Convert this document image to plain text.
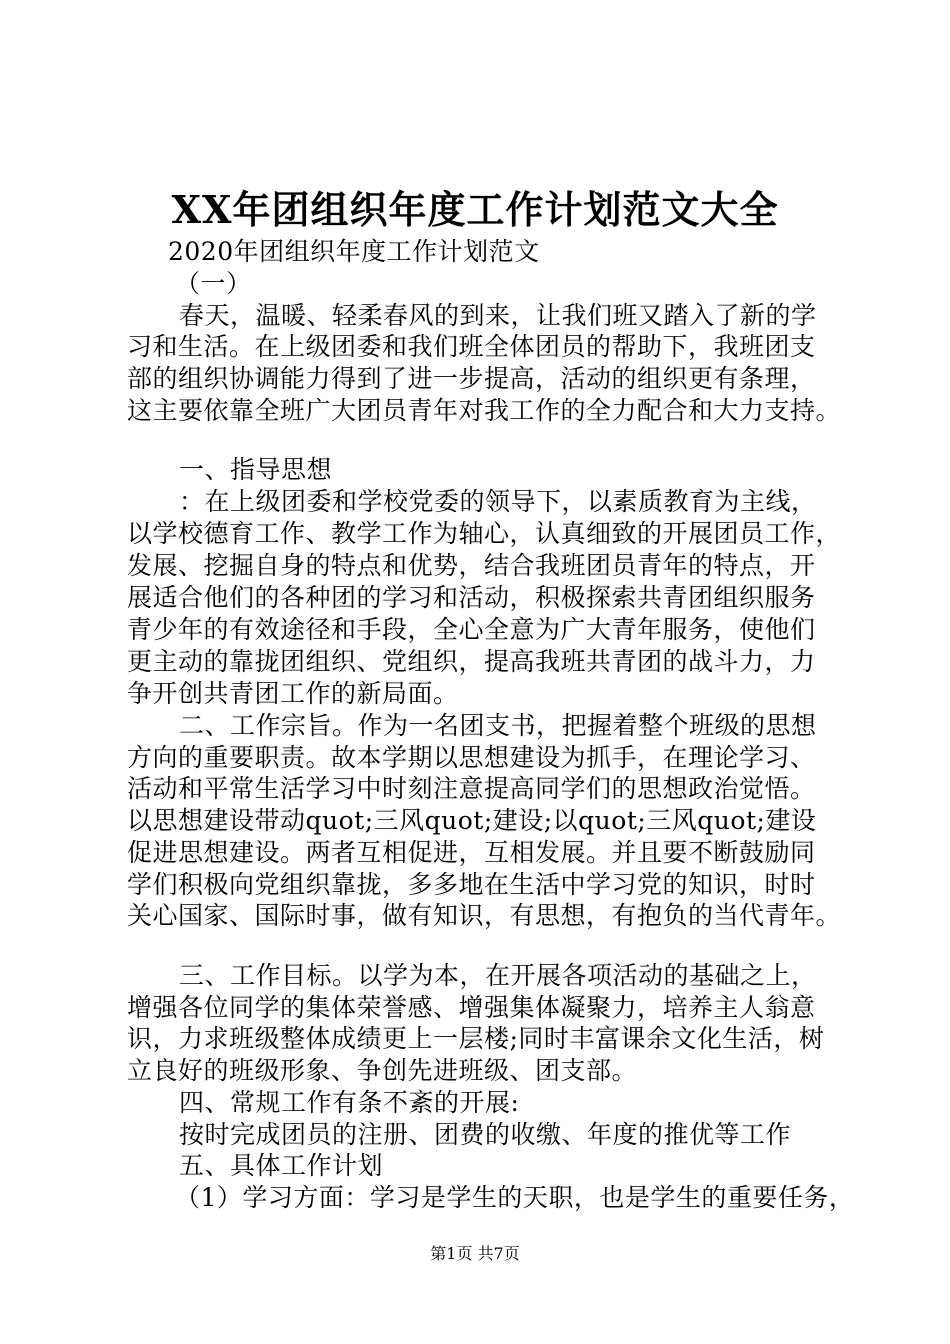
XX年团组织年度工作计划范文大全
2020年团组织年度工作计划范文
（一）
春天，温暖、轻柔春风的到来，让我们班又踏入了新的学
习和生活。在上级团委和我们班全体团员的帮助下，我班团支
部的组织协调能力得到了进一步提高，活动的组织更有条理，
这主要依靠全班广大团员青年对我工作的全力配合和大力支持。
一、指导思想
：在上级团委和学校党委的领导下，以素质教育为主线，
以学校德育工作、教学工作为轴心，认真细致的开展团员工作，
发展、挖掘自身的特点和优势，结合我班团员青年的特点，开
展适合他们的各种团的学习和活动，积极探索共青团组织服务
青少年的有效途径和手段，全心全意为广大青年服务，使他们
更主动的靠拢团组织、党组织，提高我班共青团的战斗力，力
争开创共青团工作的新局面。
二、工作宗旨。作为一名团支书，把握着整个班级的思想
方向的重要职责。故本学期以思想建设为抓手，在理论学习、
活动和平常生活学习中时刻注意提高同学们的思想政治觉悟。
以思想建设带动quot;三风quot;建设;以quot;三风quot;建设
促进思想建设。两者互相促进，互相发展。并且要不断鼓励同
学们积极向党组织靠拢，多多地在生活中学习党的知识，时时
关心国家、国际时事，做有知识，有思想，有抱负的当代青年。
三、工作目标。以学为本，在开展各项活动的基础之上，
增强各位同学的集体荣誉感、增强集体凝聚力，培养主人翁意
识，力求班级整体成绩更上一层楼;同时丰富课余文化生活，树
立良好的班级形象、争创先进班级、团支部。
四、常规工作有条不紊的开展:
按时完成团员的注册、团费的收缴、年度的推优等工作
五、具体工作计划
（1）学习方面：学习是学生的天职，也是学生的重要任务，
第1页 共7页
